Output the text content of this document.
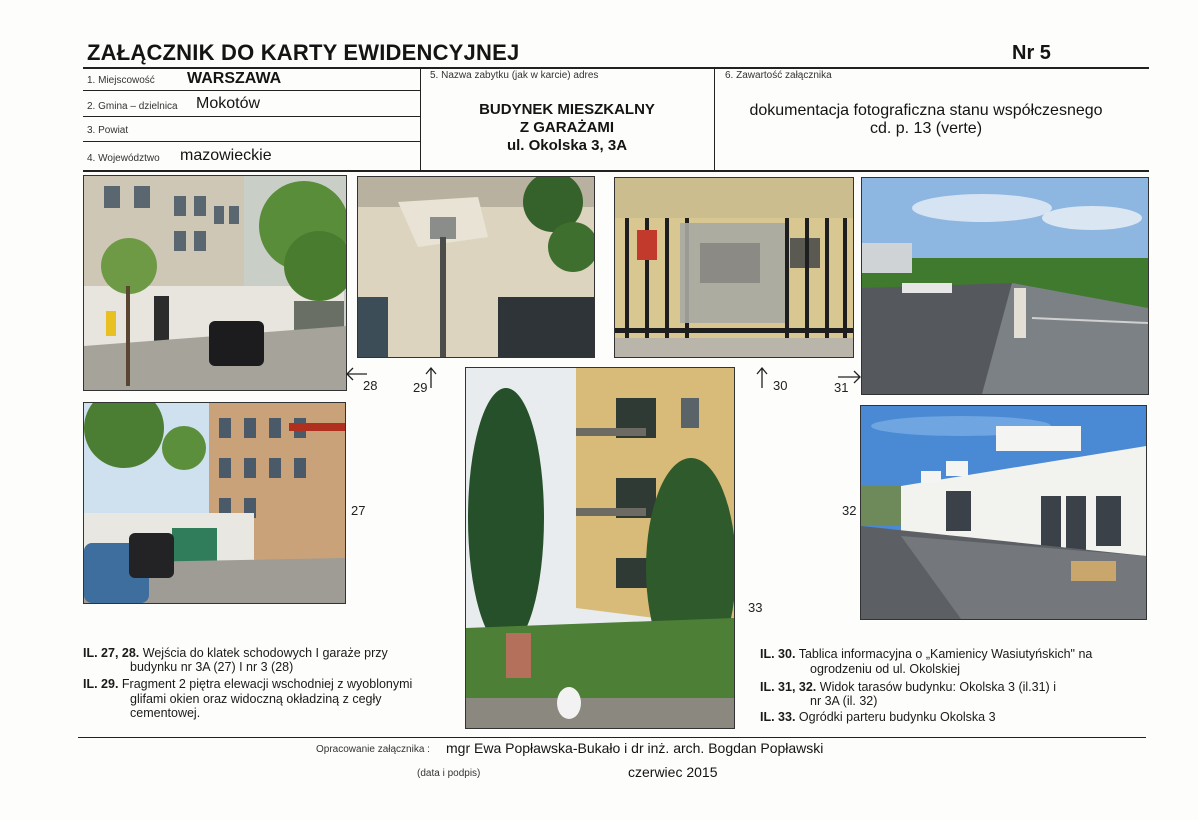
ZAŁĄCZNIK DO KARTY EWIDENCYJNEJ	Nr 5
1. Miejscowość WARSZAWA
2. Gmina – dzielnica Mokotów
3. Powiat
4. Województwo mazowieckie
5. Nazwa zabytku (jak w karcie) adres
BUDYNEK MIESZKALNY
Z GARAŻAMI
ul. Okolska 3, 3A
6. Zawartość załącznika
dokumentacja fotograficzna stanu współczesnego
cd. p. 13 (verte)
28	29	30	31
27	32
33
IL. 27, 28. Wejścia do klatek schodowych I garaże przy
budynku nr 3A (27) I nr 3 (28)
IL. 29. Fragment 2 piętra elewacji wschodniej z wyoblonymi
glifami okien oraz widoczną okładziną z cegły
cementowej.
IL. 30. Tablica informacyjna o „Kamienicy Wasiutyńskich" na
ogrodzeniu od ul. Okolskiej
IL. 31, 32. Widok tarasów budynku: Okolska 3 (il.31) i
nr 3A (il. 32)
IL. 33. Ogródki parteru budynku Okolska 3
Opracowanie załącznika : mgr Ewa Popławska-Bukało i dr inż. arch. Bogdan Popławski
(data i podpis)	czerwiec 2015
